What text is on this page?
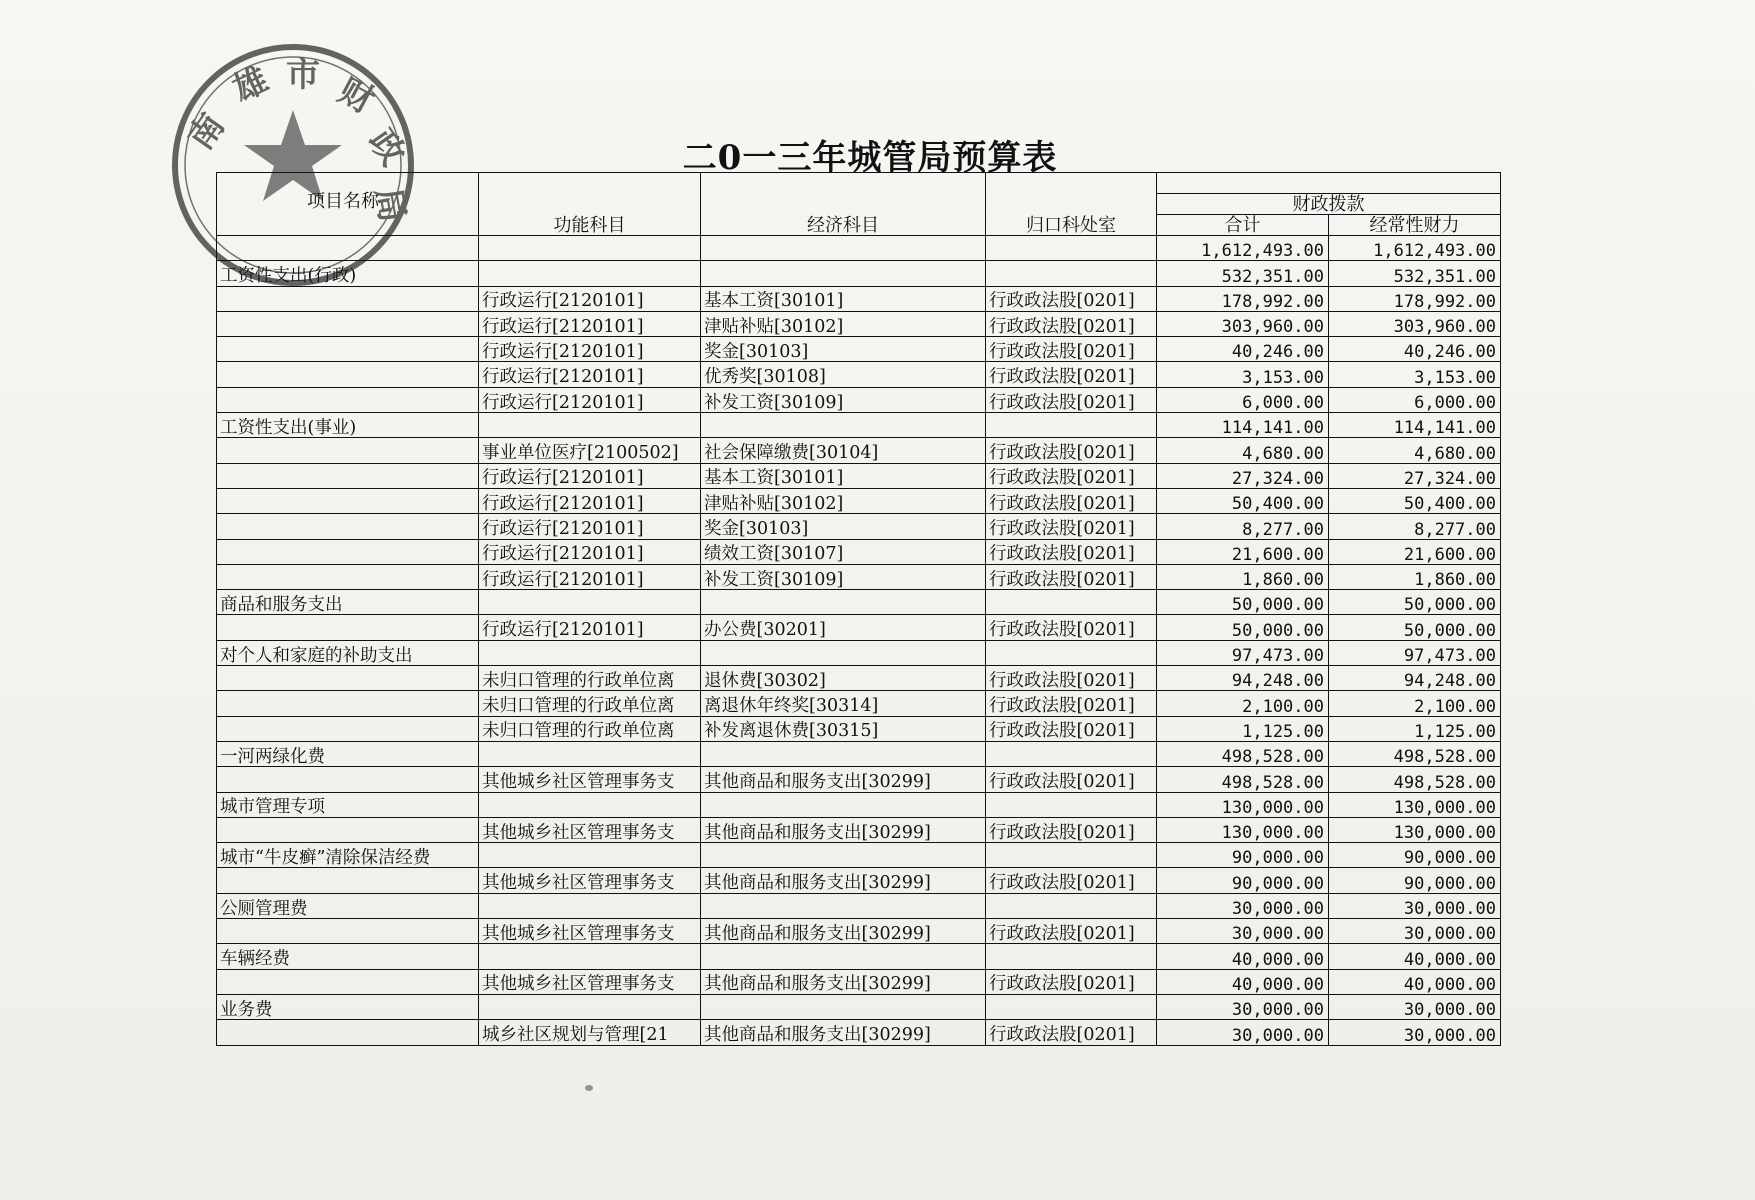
南
雄 市 财
政
局
二0一三年城管局预算表
项目名称	功能科目	经济科目	归口科处室		
				财政拨款	
				合计	经常性财力
				1,612,493.00	1,612,493.00
工资性支出(行政)				532,351.00	532,351.00
	行政运行[2120101]	基本工资[30101]	行政政法股[0201]	178,992.00	178,992.00
	行政运行[2120101]	津贴补贴[30102]	行政政法股[0201]	303,960.00	303,960.00
	行政运行[2120101]	奖金[30103]	行政政法股[0201]	40,246.00	40,246.00
	行政运行[2120101]	优秀奖[30108]	行政政法股[0201]	3,153.00	3,153.00
	行政运行[2120101]	补发工资[30109]	行政政法股[0201]	6,000.00	6,000.00
工资性支出(事业)				114,141.00	114,141.00
	事业单位医疗[2100502]	社会保障缴费[30104]	行政政法股[0201]	4,680.00	4,680.00
	行政运行[2120101]	基本工资[30101]	行政政法股[0201]	27,324.00	27,324.00
	行政运行[2120101]	津贴补贴[30102]	行政政法股[0201]	50,400.00	50,400.00
	行政运行[2120101]	奖金[30103]	行政政法股[0201]	8,277.00	8,277.00
	行政运行[2120101]	绩效工资[30107]	行政政法股[0201]	21,600.00	21,600.00
	行政运行[2120101]	补发工资[30109]	行政政法股[0201]	1,860.00	1,860.00
商品和服务支出				50,000.00	50,000.00
	行政运行[2120101]	办公费[30201]	行政政法股[0201]	50,000.00	50,000.00
对个人和家庭的补助支出				97,473.00	97,473.00
	未归口管理的行政单位离	退休费[30302]	行政政法股[0201]	94,248.00	94,248.00
	未归口管理的行政单位离	离退休年终奖[30314]	行政政法股[0201]	2,100.00	2,100.00
	未归口管理的行政单位离	补发离退休费[30315]	行政政法股[0201]	1,125.00	1,125.00
一河两绿化费				498,528.00	498,528.00
	其他城乡社区管理事务支	其他商品和服务支出[30299]	行政政法股[0201]	498,528.00	498,528.00
城市管理专项				130,000.00	130,000.00
	其他城乡社区管理事务支	其他商品和服务支出[30299]	行政政法股[0201]	130,000.00	130,000.00
城市“牛皮癣”清除保洁经费				90,000.00	90,000.00
	其他城乡社区管理事务支	其他商品和服务支出[30299]	行政政法股[0201]	90,000.00	90,000.00
公厕管理费				30,000.00	30,000.00
	其他城乡社区管理事务支	其他商品和服务支出[30299]	行政政法股[0201]	30,000.00	30,000.00
车辆经费				40,000.00	40,000.00
	其他城乡社区管理事务支	其他商品和服务支出[30299]	行政政法股[0201]	40,000.00	40,000.00
业务费				30,000.00	30,000.00
	城乡社区规划与管理[21	其他商品和服务支出[30299]	行政政法股[0201]	30,000.00	30,000.00
